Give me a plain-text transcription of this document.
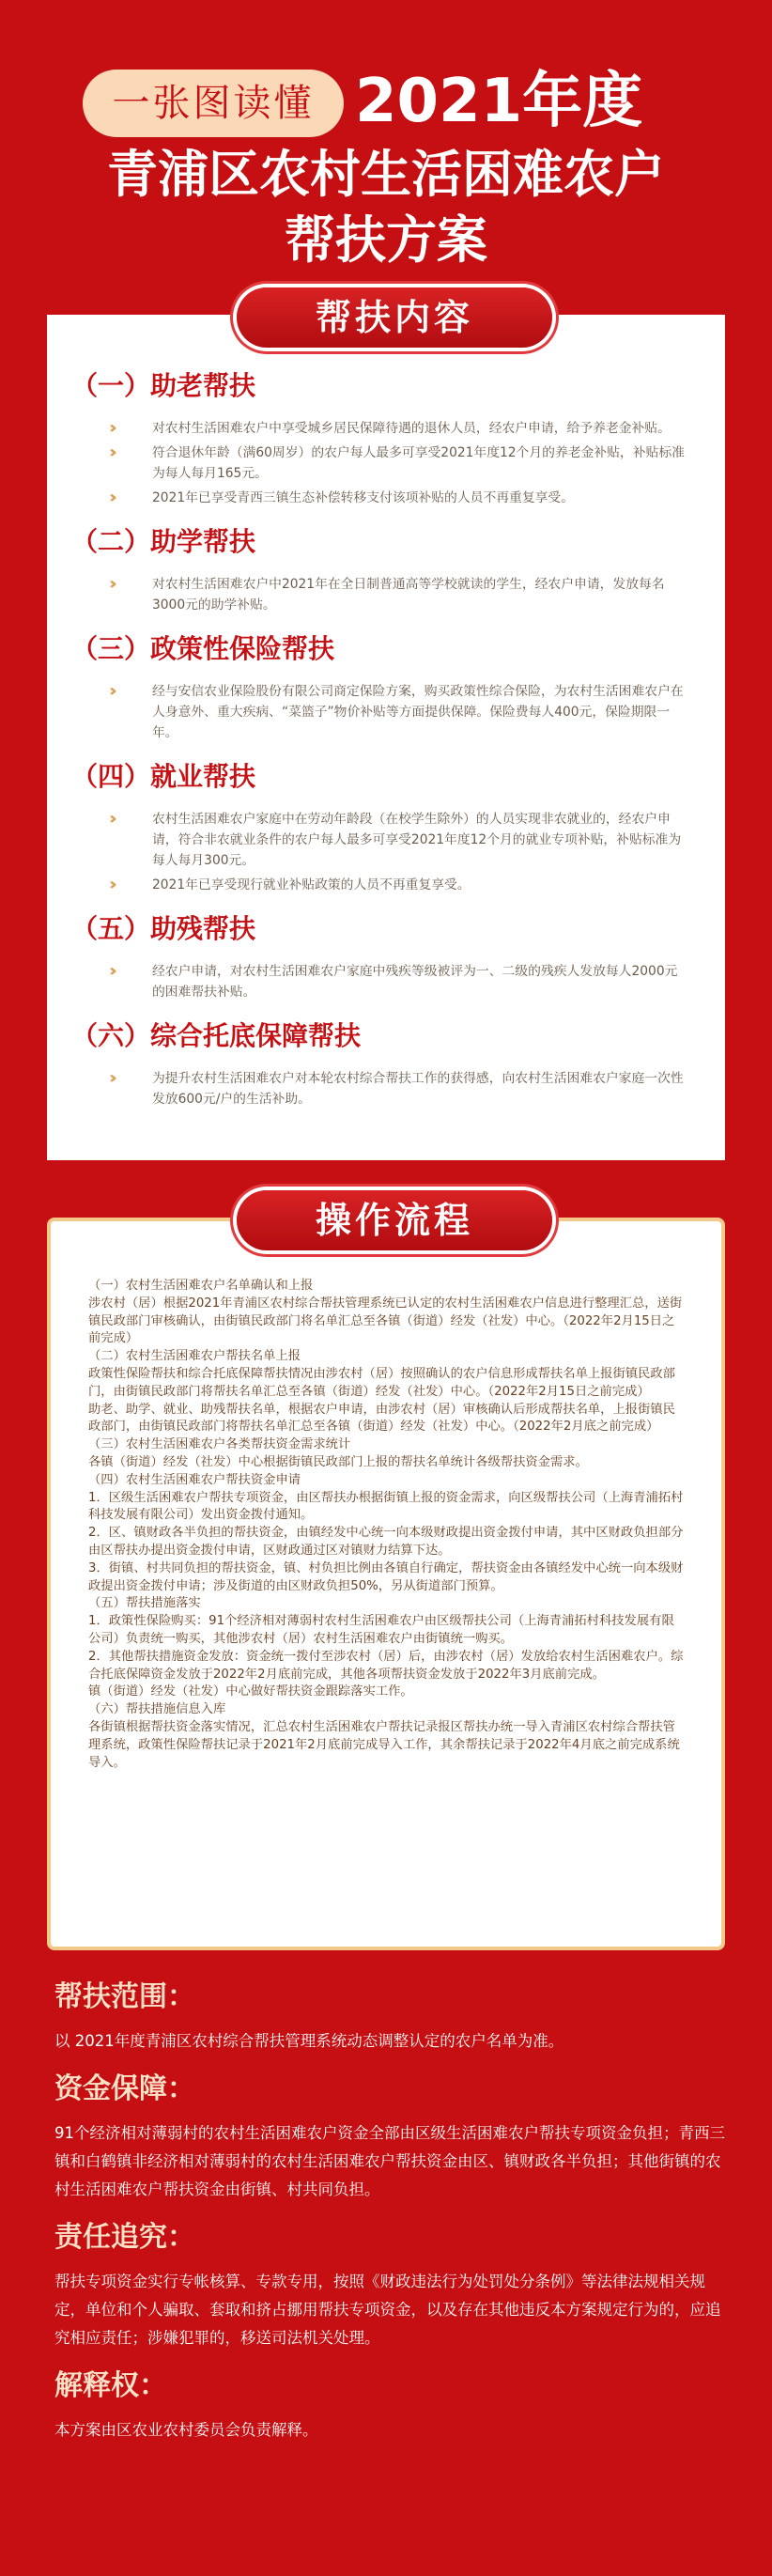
一张图读懂 2021年度
青浦区农村生活困难农户
帮扶方案
帮扶内容
（一）助老帮扶
››	对农村生活困难农户中享受城乡居民保障待遇的退休人员，经农户申请，给予养老金补贴。
››	符合退休年龄（满60周岁）的农户每人最多可享受2021年度12个月的养老金补贴，补贴标准为每人每月165元。
››	2021年已享受青西三镇生态补偿转移支付该项补贴的人员不再重复享受。
（二）助学帮扶
››	对农村生活困难农户中2021年在全日制普通高等学校就读的学生，经农户申请，发放每名3000元的助学补贴。
（三）政策性保险帮扶
››	经与安信农业保险股份有限公司商定保险方案，购买政策性综合保险，为农村生活困难农户在人身意外、重大疾病、“菜篮子”物价补贴等方面提供保障。保险费每人400元，保险期限一年。
（四）就业帮扶
››	农村生活困难农户家庭中在劳动年龄段（在校学生除外）的人员实现非农就业的，经农户申请，符合非农就业条件的农户每人最多可享受2021年度12个月的就业专项补贴，补贴标准为每人每月300元。
››	2021年已享受现行就业补贴政策的人员不再重复享受。
（五）助残帮扶
››	经农户申请，对农村生活困难农户家庭中残疾等级被评为一、二级的残疾人发放每人2000元的困难帮扶补贴。
（六）综合托底保障帮扶
››	为提升农村生活困难农户对本轮农村综合帮扶工作的获得感，向农村生活困难农户家庭一次性发放600元/户的生活补助。
操作流程
（一）农村生活困难农户名单确认和上报
涉农村（居）根据2021年青浦区农村综合帮扶管理系统已认定的农村生活困难农户信息进行整理汇总，送街镇民政部门审核确认，由街镇民政部门将名单汇总至各镇（街道）经发（社发）中心。（2022年2月15日之前完成）
（二）农村生活困难农户帮扶名单上报
政策性保险帮扶和综合托底保障帮扶情况由涉农村（居）按照确认的农户信息形成帮扶名单上报街镇民政部门，由街镇民政部门将帮扶名单汇总至各镇（街道）经发（社发）中心。（2022年2月15日之前完成）
助老、助学、就业、助残帮扶名单，根据农户申请，由涉农村（居）审核确认后形成帮扶名单，上报街镇民政部门，由街镇民政部门将帮扶名单汇总至各镇（街道）经发（社发）中心。（2022年2月底之前完成）
（三）农村生活困难农户各类帮扶资金需求统计
各镇（街道）经发（社发）中心根据街镇民政部门上报的帮扶名单统计各级帮扶资金需求。
（四）农村生活困难农户帮扶资金申请
1．区级生活困难农户帮扶专项资金，由区帮扶办根据街镇上报的资金需求，向区级帮扶公司（上海青浦拓村科技发展有限公司）发出资金拨付通知。
2．区、镇财政各半负担的帮扶资金，由镇经发中心统一向本级财政提出资金拨付申请，其中区财政负担部分由区帮扶办提出资金拨付申请，区财政通过区对镇财力结算下达。
3．街镇、村共同负担的帮扶资金，镇、村负担比例由各镇自行确定，帮扶资金由各镇经发中心统一向本级财政提出资金拨付申请；涉及街道的由区财政负担50%，另从街道部门预算。
（五）帮扶措施落实
1．政策性保险购买：91个经济相对薄弱村农村生活困难农户由区级帮扶公司（上海青浦拓村科技发展有限公司）负责统一购买，其他涉农村（居）农村生活困难农户由街镇统一购买。
2．其他帮扶措施资金发放：资金统一拨付至涉农村（居）后，由涉农村（居）发放给农村生活困难农户。综合托底保障资金发放于2022年2月底前完成，其他各项帮扶资金发放于2022年3月底前完成。
镇（街道）经发（社发）中心做好帮扶资金跟踪落实工作。
（六）帮扶措施信息入库
各街镇根据帮扶资金落实情况，汇总农村生活困难农户帮扶记录报区帮扶办统一导入青浦区农村综合帮扶管理系统，政策性保险帮扶记录于2021年2月底前完成导入工作，其余帮扶记录于2022年4月底之前完成系统导入。
帮扶范围：
以 2021年度青浦区农村综合帮扶管理系统动态调整认定的农户名单为准。
资金保障：
91个经济相对薄弱村的农村生活困难农户资金全部由区级生活困难农户帮扶专项资金负担；青西三镇和白鹤镇非经济相对薄弱村的农村生活困难农户帮扶资金由区、镇财政各半负担；其他街镇的农村生活困难农户帮扶资金由街镇、村共同负担。
责任追究：
帮扶专项资金实行专帐核算、专款专用，按照《财政违法行为处罚处分条例》等法律法规相关规定，单位和个人骗取、套取和挤占挪用帮扶专项资金，以及存在其他违反本方案规定行为的，应追究相应责任；涉嫌犯罪的，移送司法机关处理。
解释权：
本方案由区农业农村委员会负责解释。
